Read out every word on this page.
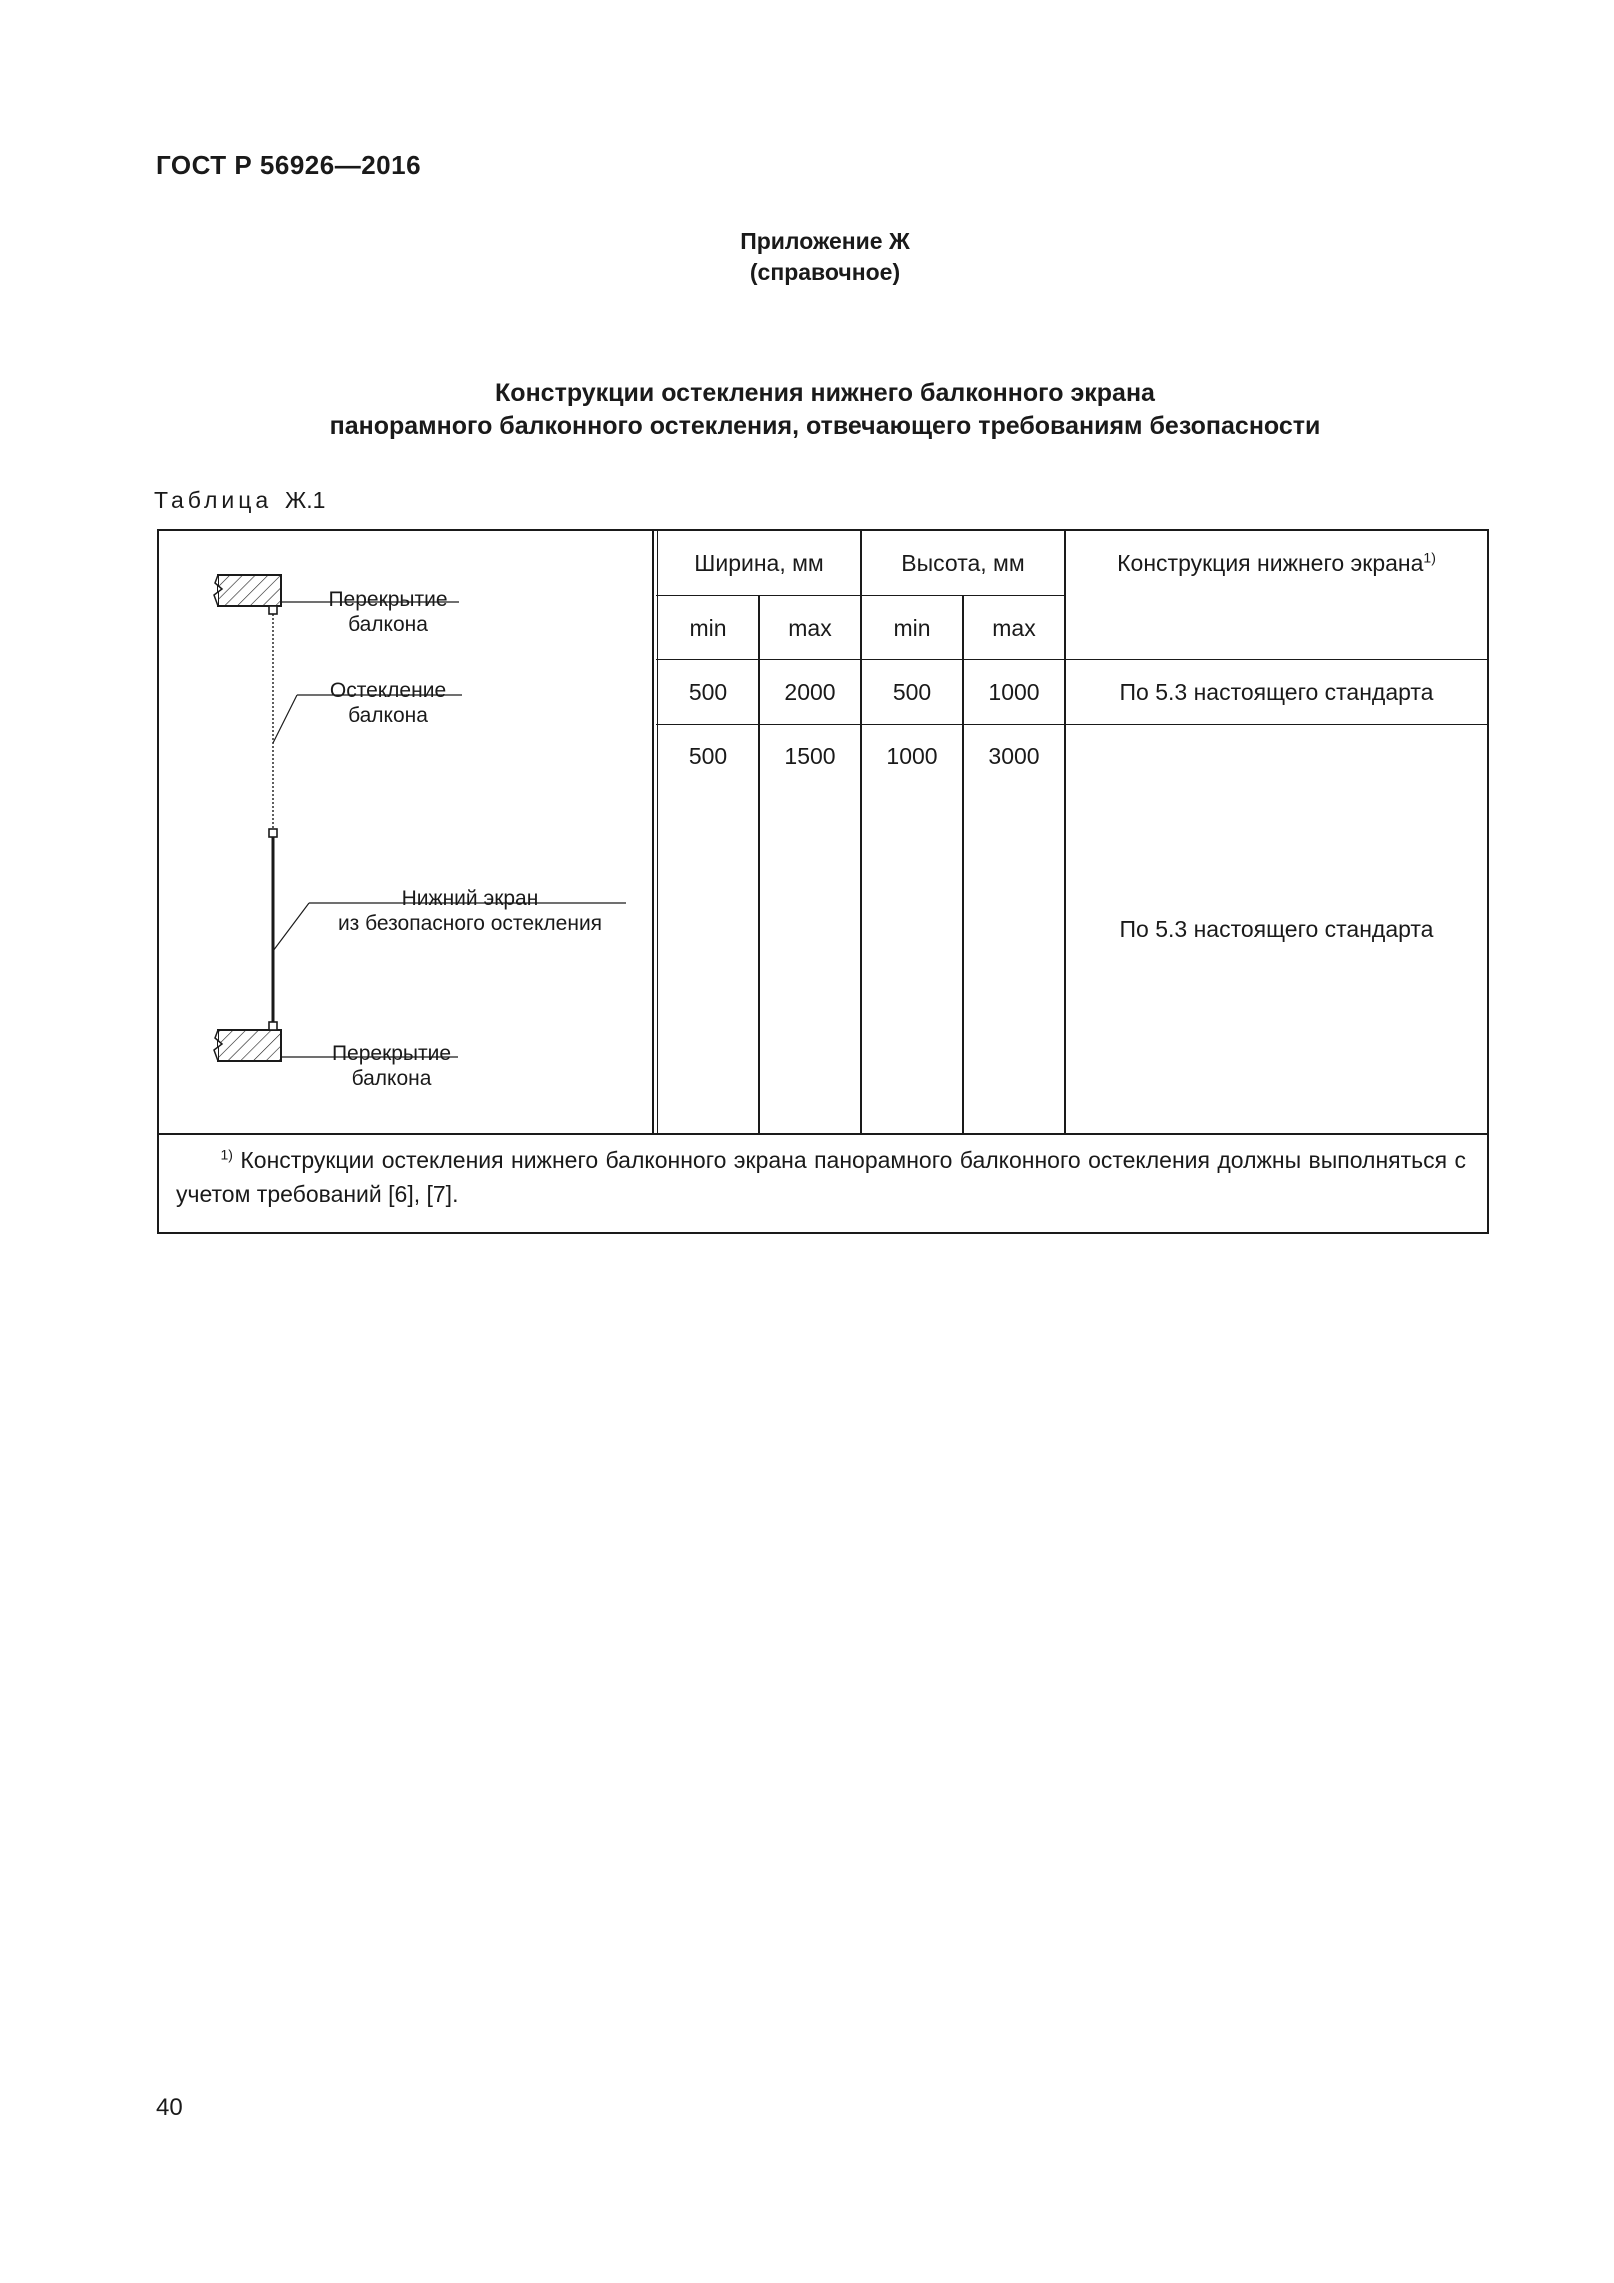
ГОСТ Р 56926—2016
Приложение Ж
(справочное)
Конструкции остекления нижнего балконного экрана
панорамного балконного остекления, отвечающего требованиям безопасности
Таблица Ж.1
Ширина, мм	Высота, мм	Конструкция нижнего экрана$^{1)}$
min	max	min	max
500	2000	500	1000	По 5.3 настоящего стандарта
500	1500	1000	3000
По 5.3 настоящего стандарта
Перекрытие
балкона
Остекление
балкона
Нижний экран
из безопасного остекления
Перекрытие
балкона
$^{1)}$ Конструкции остекления нижнего балконного экрана панорамного балконного остекления должны выполняться с учетом требований [6], [7].
40
